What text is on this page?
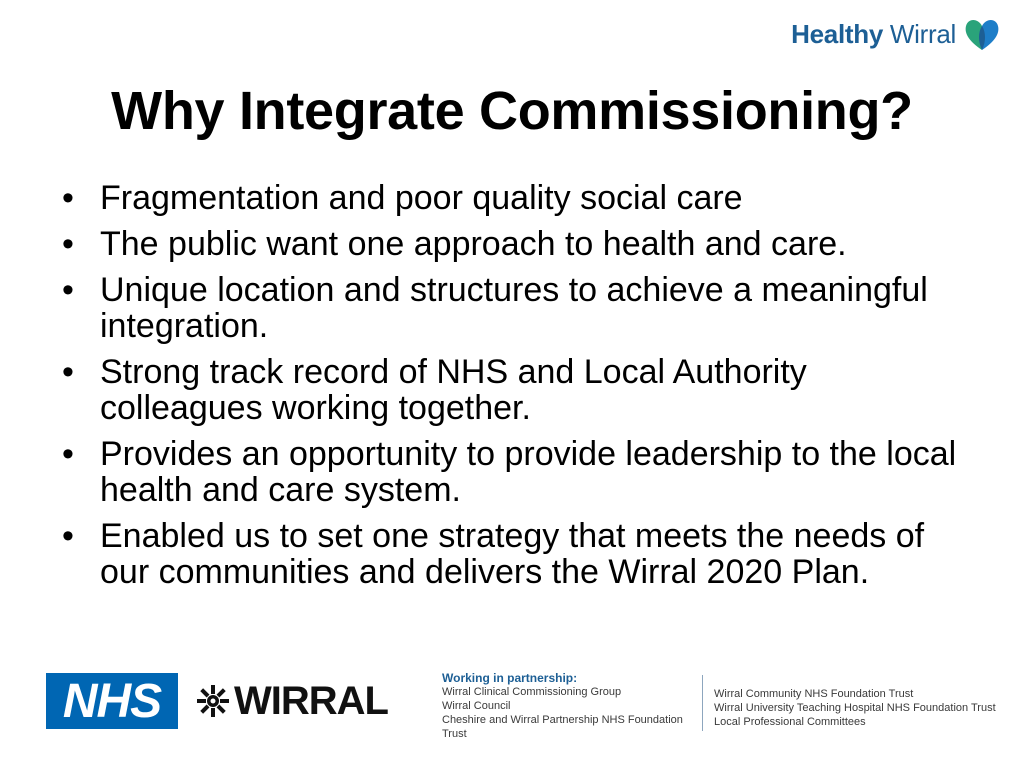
Healthy Wirral
Why Integrate Commissioning?
• Fragmentation and poor quality social care
• The public want one approach to health and care.
• Unique location and structures to achieve a meaningful integration.
• Strong track record of NHS and Local Authority colleagues working together.
• Provides an opportunity to provide leadership to the local health and care system.
• Enabled us to set one strategy that meets the needs of our communities and delivers the Wirral 2020 Plan.
NHS	WIRRAL
Working in partnership:
Wirral Clinical Commissioning Group
Wirral Council
Cheshire and Wirral Partnership NHS Foundation Trust
Wirral Community NHS Foundation Trust
Wirral University Teaching Hospital NHS Foundation Trust
Local Professional Committees
